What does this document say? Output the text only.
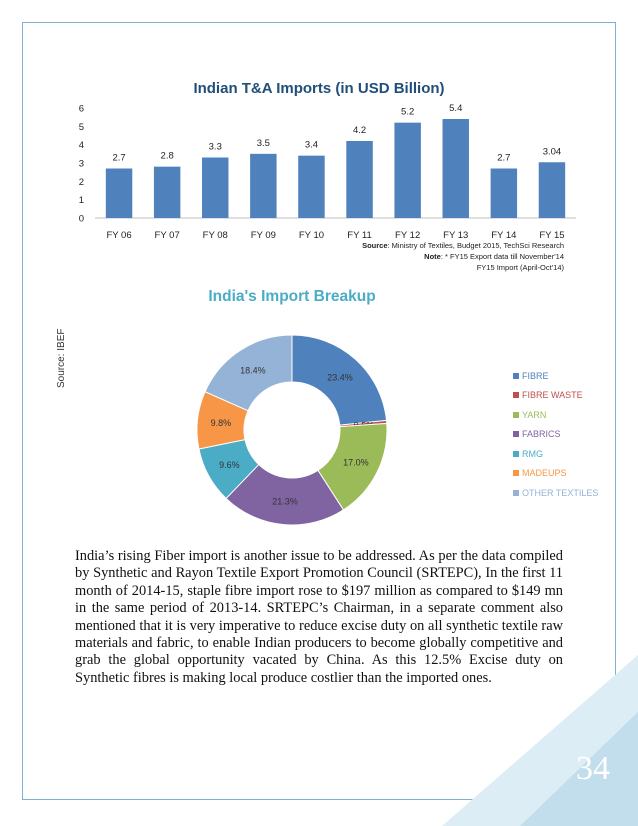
34
Indian T&A Imports (in USD Billion)
0
1
2
3
4
5
6
2.7
FY 06
2.8
FY 07
3.3
FY 08
3.5
FY 09
3.4
FY 10
4.2
FY 11
5.2
FY 12
5.4
FY 13
2.7
FY 14
3.04
FY 15
Source: Ministry of Textiles, Budget 2015, TechSci Research
Note: * FY15 Export data till November'14
FY15 Import (April-Oct'14)
India's Import Breakup
Source: IBEF	23.4%
17.0%
21.3%
9.6%
9.8%
18.4%
FIBRE
FIBRE WASTE
YARN
FABRICS
RMG
MADEUPS
OTHER TEXTILES

India’s rising Fiber import is another issue to be addressed. As per the data compiled by Synthetic and Rayon Textile Export Promotion Council (SRTEPC), In the first 11 month of 2014-15, staple fibre import rose to $197 million as compared to $149 mn in the same period of 2013-14. SRTEPC’s Chairman, in a separate comment also mentioned that it is very imperative to reduce excise duty on all synthetic textile raw materials and fabric, to enable Indian producers to become globally competitive and grab the global opportunity vacated by China. As this 12.5% Excise duty on Synthetic fibres is making local produce costlier than the imported ones.
